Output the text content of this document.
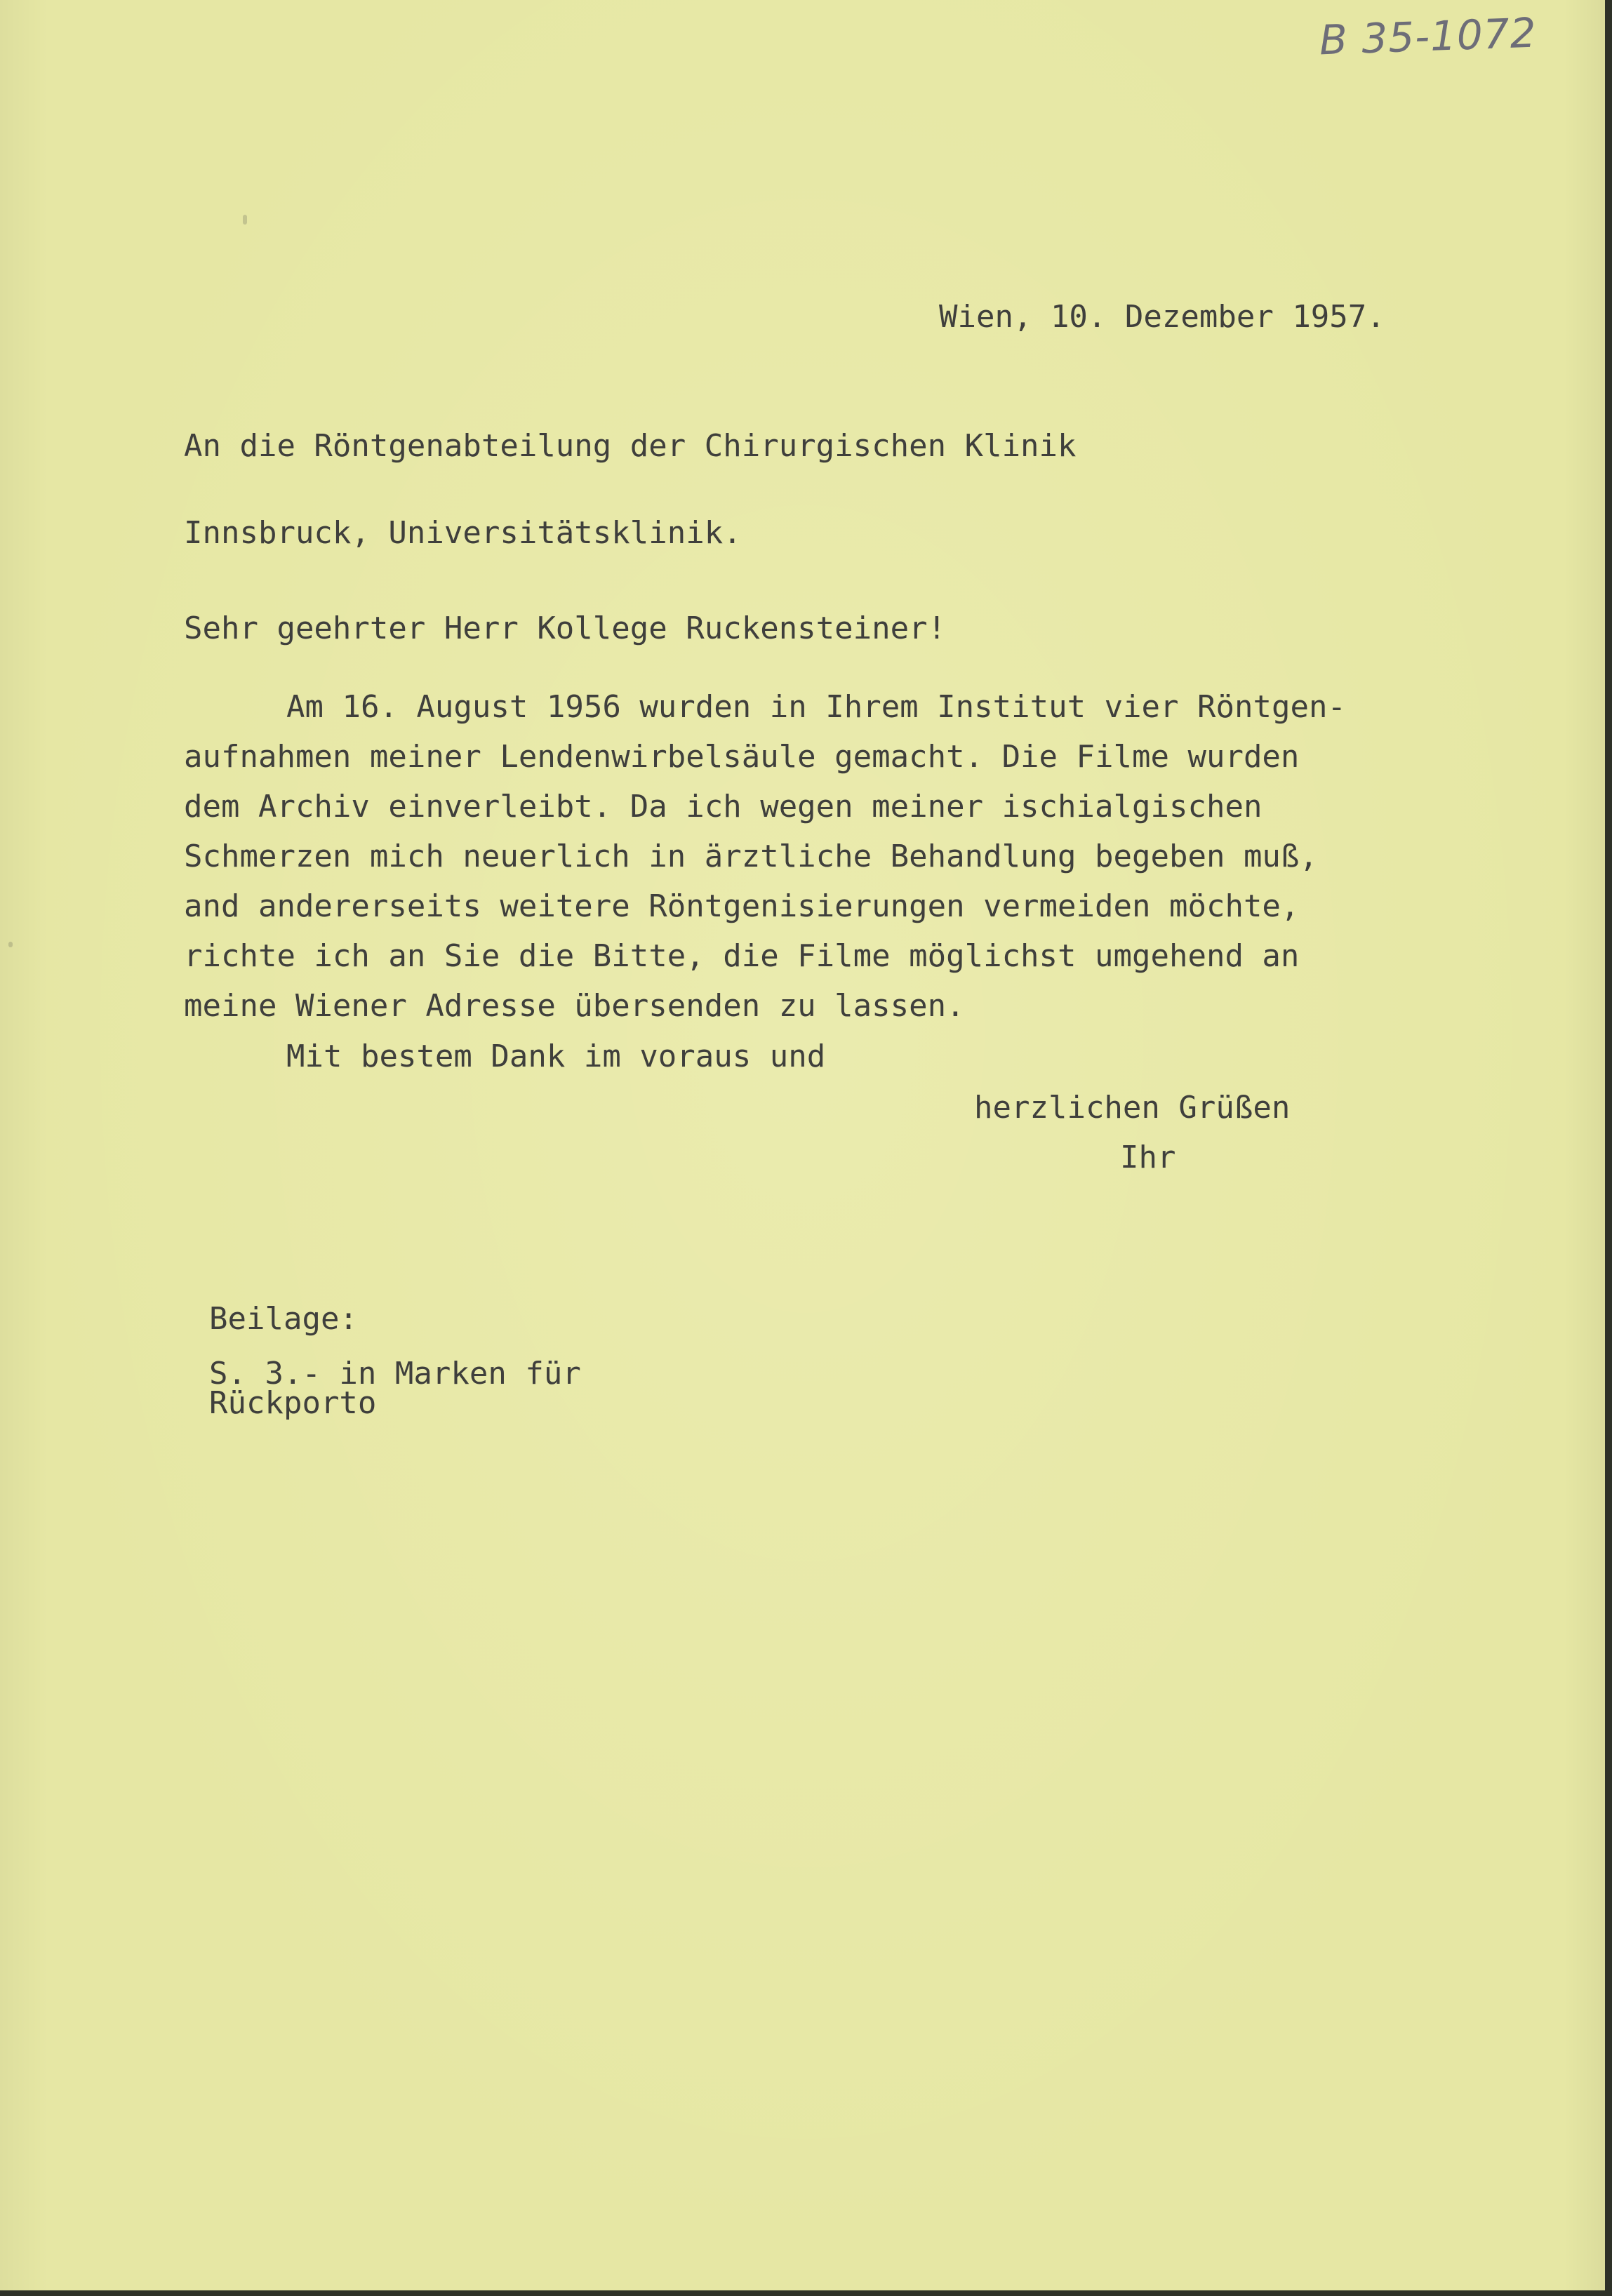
B 35-1072
Wien, 10. Dezember 1957.
An die Röntgenabteilung der Chirurgischen Klinik
Innsbruck, Universitätsklinik.
Sehr geehrter Herr Kollege Ruckensteiner!
Am 16. August 1956 wurden in Ihrem Institut vier Röntgen-
aufnahmen meiner Lendenwirbelsäule gemacht. Die Filme wurden
dem Archiv einverleibt. Da ich wegen meiner ischialgischen
Schmerzen mich neuerlich in ärztliche Behandlung begeben muß,
and andererseits weitere Röntgenisierungen vermeiden möchte,
richte ich an Sie die Bitte, die Filme möglichst umgehend an
meine Wiener Adresse übersenden zu lassen.
Mit bestem Dank im voraus und
herzlichen Grüßen
Ihr
Beilage:
S. 3.- in Marken für
Rückporto
